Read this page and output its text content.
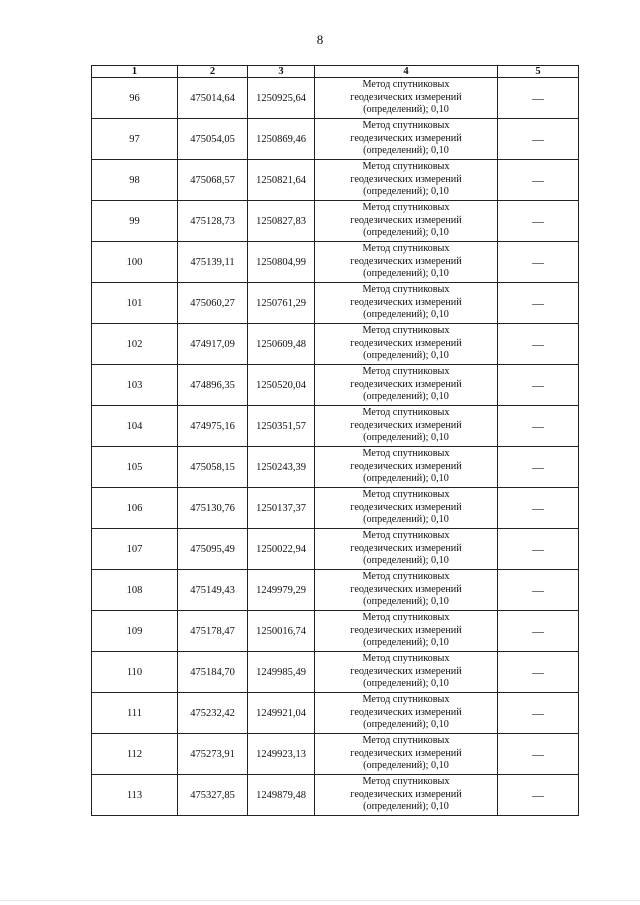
8
1	2	3	4	5
96	475014,64	1250925,64	Метод спутниковых
геодезических измерений
(определений); 0,10	—
97	475054,05	1250869,46	Метод спутниковых
геодезических измерений
(определений); 0,10	—
98	475068,57	1250821,64	Метод спутниковых
геодезических измерений
(определений); 0,10	—
99	475128,73	1250827,83	Метод спутниковых
геодезических измерений
(определений); 0,10	—
100	475139,11	1250804,99	Метод спутниковых
геодезических измерений
(определений); 0,10	—
101	475060,27	1250761,29	Метод спутниковых
геодезических измерений
(определений); 0,10	—
102	474917,09	1250609,48	Метод спутниковых
геодезических измерений
(определений); 0,10	—
103	474896,35	1250520,04	Метод спутниковых
геодезических измерений
(определений); 0,10	—
104	474975,16	1250351,57	Метод спутниковых
геодезических измерений
(определений); 0,10	—
105	475058,15	1250243,39	Метод спутниковых
геодезических измерений
(определений); 0,10	—
106	475130,76	1250137,37	Метод спутниковых
геодезических измерений
(определений); 0,10	—
107	475095,49	1250022,94	Метод спутниковых
геодезических измерений
(определений); 0,10	—
108	475149,43	1249979,29	Метод спутниковых
геодезических измерений
(определений); 0,10	—
109	475178,47	1250016,74	Метод спутниковых
геодезических измерений
(определений); 0,10	—
110	475184,70	1249985,49	Метод спутниковых
геодезических измерений
(определений); 0,10	—
111	475232,42	1249921,04	Метод спутниковых
геодезических измерений
(определений); 0,10	—
112	475273,91	1249923,13	Метод спутниковых
геодезических измерений
(определений); 0,10	—
113	475327,85	1249879,48	Метод спутниковых
геодезических измерений
(определений); 0,10	—
